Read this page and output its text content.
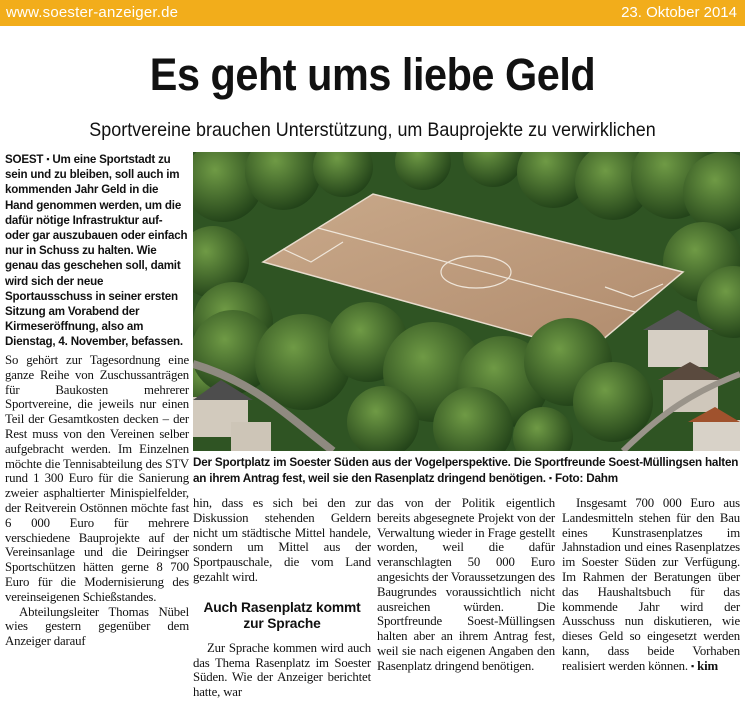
www.soester-anzeiger.de	23. Oktober 2014
Es geht ums liebe Geld
Sportvereine brauchen Unterstützung, um Bauprojekte zu verwirklichen

SOEST ▪ Um eine Sportstadt zu sein und zu bleiben, soll auch im kommenden Jahr Geld in die Hand genommen werden, um die dafür nötige Infrastruktur auf- oder gar auszubauen oder einfach nur in Schuss zu halten. Wie genau das geschehen soll, damit wird sich der neue Sportausschuss in seiner ersten Sitzung am Vorabend der Kirmeseröffnung, also am Dienstag, 4. November, befassen.

So gehört zur Tagesordnung eine ganze Reihe von Zuschussanträgen für Baukosten mehrerer Sportvereine, die jeweils nur einen Teil der Gesamtkosten decken – der Rest muss von den Vereinen selber aufgebracht werden. Im Einzelnen möchte die Tennisabteilung des STV rund 1 300 Euro für die Sanierung zweier asphaltierter Minispielfelder, der Reitverein Ostönnen möchte fast 6 000 Euro für mehrere verschiedene Bauprojekte auf der Vereinsanlage und die Deiringser Sportschützen hätten gerne 8 700 Euro für die Modernisierung des vereinseigenen Schießstandes.

Abteilungsleiter Thomas Nübel wies gestern gegenüber dem Anzeiger darauf

Der Sportplatz im Soester Süden aus der Vogelperspektive. Die Sportfreunde Soest-Müllingsen halten an ihrem Antrag fest, weil sie den Rasenplatz dringend benötigen. ▪ Foto: Dahm

hin, dass es sich bei den zur Diskussion stehenden Geldern nicht um städtische Mittel handele, sondern um Mittel aus der Sportpauschale, die vom Land gezahlt wird.

Auch Rasenplatz kommt zur Sprache

Zur Sprache kommen wird auch das Thema Rasenplatz im Soester Süden. Wie der Anzeiger berichtet hatte, war

das von der Politik eigentlich bereits abgesegnete Projekt von der Verwaltung wieder in Frage gestellt worden, weil die dafür veranschlagten 50 000 Euro angesichts der Voraussetzungen des Baugrundes voraussichtlich nicht ausreichen würden. Die Sportfreunde Soest-Müllingsen halten aber an ihrem Antrag fest, weil sie nach eigenen Angaben den Rasenplatz dringend benötigen.

Insgesamt 700 000 Euro aus Landesmitteln stehen für den Bau eines Kunstrasenplatzes im Jahnstadion und eines Rasenplatzes im Soester Süden zur Verfügung. Im Rahmen der Beratungen über das Haushaltsbuch für das kommende Jahr wird der Ausschuss nun diskutieren, wie dieses Geld so eingesetzt werden kann, dass beide Vorhaben realisiert werden können. ▪ kim
